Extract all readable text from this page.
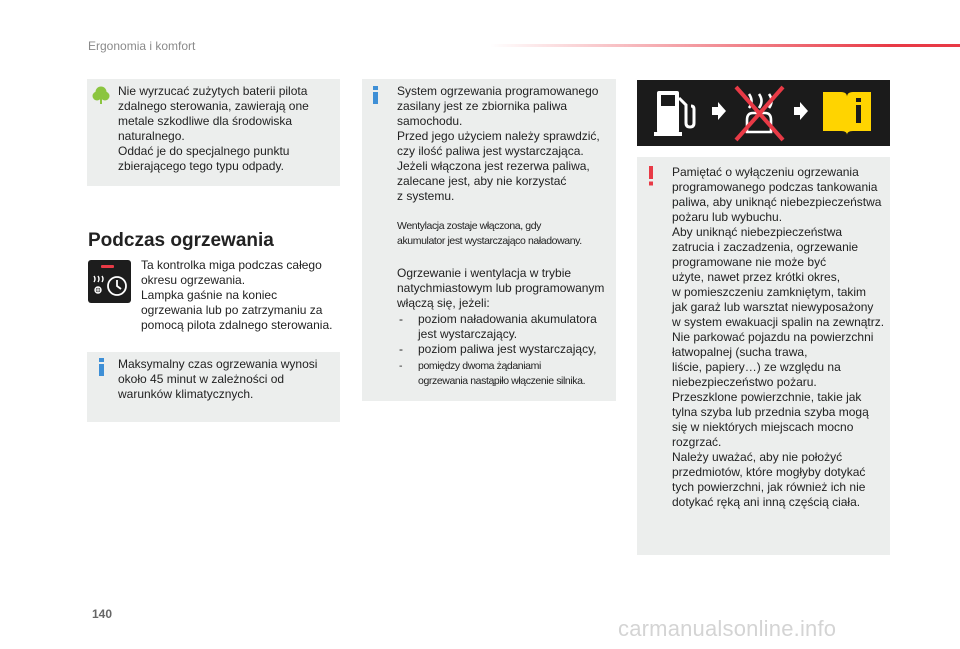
Ergonomia i komfort
Nie wyrzucać zużytych baterii pilota
zdalnego sterowania, zawierają one
metale szkodliwe dla środowiska
naturalnego.
Oddać je do specjalnego punktu
zbierającego tego typu odpady.
Podczas ogrzewania
Ta kontrolka miga podczas całego
okresu ogrzewania.
Lampka gaśnie na koniec
ogrzewania lub po zatrzymaniu za
pomocą pilota zdalnego sterowania.
Maksymalny czas ogrzewania wynosi
około 45 minut w zależności od
warunków klimatycznych.
System ogrzewania programowanego
zasilany jest ze zbiornika paliwa
samochodu.
Przed jego użyciem należy sprawdzić,
czy ilość paliwa jest wystarczająca.
Jeżeli włączona jest rezerwa paliwa,
zalecane jest, aby nie korzystać
z systemu.
Wentylacja zostaje włączona, gdy
akumulator jest wystarczająco naładowany.
Ogrzewanie i wentylacja w trybie
natychmiastowym lub programowanym
włączą się, jeżeli:
- poziom naładowania akumulatora
jest wystarczający.
- poziom paliwa jest wystarczający,
- pomiędzy dwoma żądaniami
ogrzewania nastąpiło włączenie silnika.
Pamiętać o wyłączeniu ogrzewania
programowanego podczas tankowania
paliwa, aby uniknąć niebezpieczeństwa
pożaru lub wybuchu.
Aby uniknąć niebezpieczeństwa
zatrucia i zaczadzenia, ogrzewanie
programowane nie może być
użyte, nawet przez krótki okres,
w pomieszczeniu zamkniętym, takim
jak garaż lub warsztat niewyposażony
w system ewakuacji spalin na zewnątrz.
Nie parkować pojazdu na powierzchni
łatwopalnej (sucha trawa,
liście, papiery…) ze względu na
niebezpieczeństwo pożaru.
Przeszklone powierzchnie, takie jak
tylna szyba lub przednia szyba mogą
się w niektórych miejscach mocno
rozgrzać.
Należy uważać, aby nie położyć
przedmiotów, które mogłyby dotykać
tych powierzchni, jak również ich nie
dotykać ręką ani inną częścią ciała.
140
carmanualsonline.info
